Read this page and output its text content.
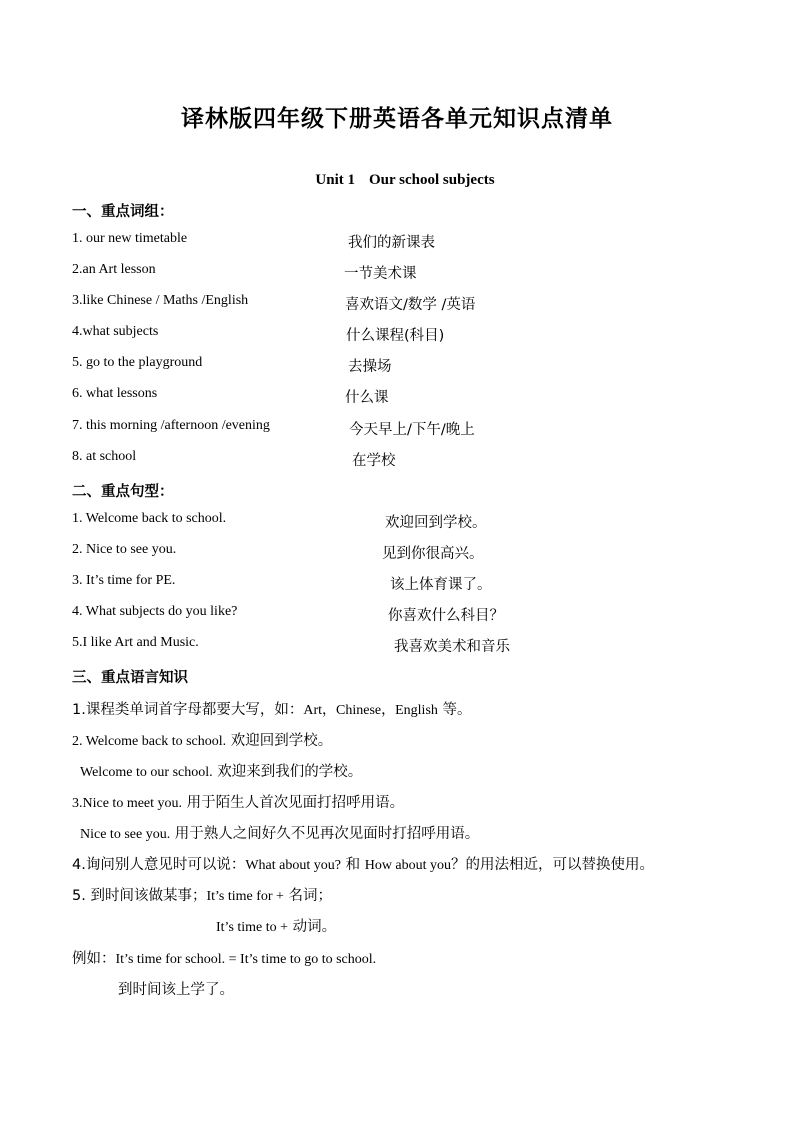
译林版四年级下册英语各单元知识点清单
Unit 1 Our school subjects
一、重点词组：
1. our new timetable	我们的新课表
2.an Art lesson	一节美术课
3.like Chinese / Maths /English	喜欢语文/数学 /英语
4.what subjects	什么课程(科目)
5. go to the playground	去操场
6. what lessons	什么课
7. this morning /afternoon /evening	今天早上/下午/晚上
8. at school	在学校
二、重点句型：
1. Welcome back to school.	欢迎回到学校。
2. Nice to see you.	见到你很高兴。
3. It’s time for PE.	该上体育课了。
4. What subjects do you like?	你喜欢什么科目？
5.I like Art and Music.	我喜欢美术和音乐
三、重点语言知识
1.课程类单词首字母都要大写，如：Art，Chinese，English 等。
2. Welcome back to school. 欢迎回到学校。
Welcome to our school. 欢迎来到我们的学校。
3.Nice to meet you. 用于陌生人首次见面打招呼用语。
Nice to see you. 用于熟人之间好久不见再次见面时打招呼用语。
4.询问别人意见时可以说：What about you? 和 How about you？的用法相近，可以替换使用。
5. 到时间该做某事；It’s time for + 名词；
It’s time to + 动词。
例如：It’s time for school. = It’s time to go to school.
到时间该上学了。
